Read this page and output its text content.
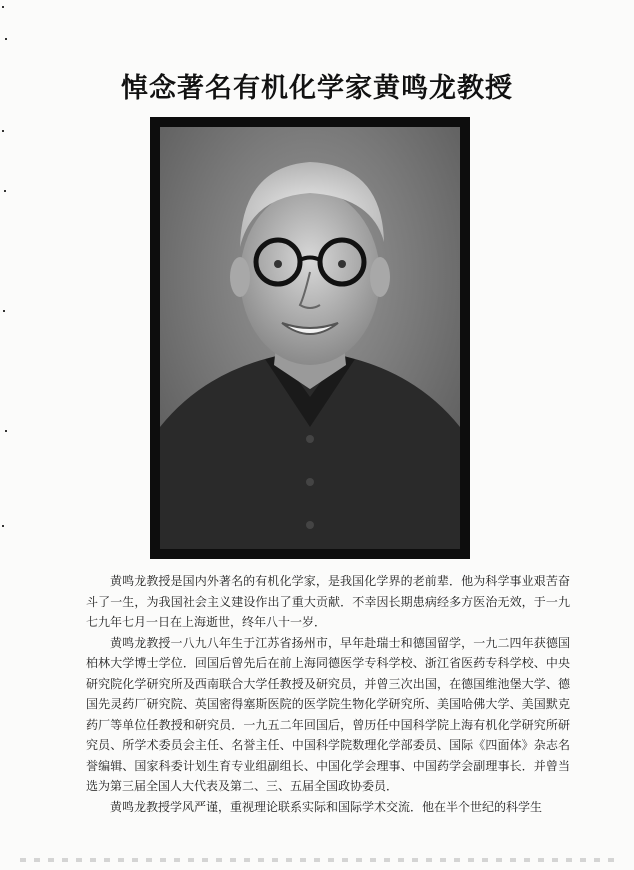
悼念著名有机化学家黄鸣龙教授

黄鸣龙教授是国内外著名的有机化学家，是我国化学界的老前辈．他为科学事业艰苦奋斗了一生，为我国社会主义建设作出了重大贡献．不幸因长期患病经多方医治无效，于一九七九年七月一日在上海逝世，终年八十一岁．

黄鸣龙教授一八九八年生于江苏省扬州市，早年赴瑞士和德国留学，一九二四年获德国柏林大学博士学位．回国后曾先后在前上海同德医学专科学校、浙江省医药专科学校、中央研究院化学研究所及西南联合大学任教授及研究员，并曾三次出国，在德国维池堡大学、德国先灵药厂研究院、英国密得塞斯医院的医学院生物化学研究所、美国哈佛大学、美国默克药厂等单位任教授和研究员．一九五二年回国后，曾历任中国科学院上海有机化学研究所研究员、所学术委员会主任、名誉主任、中国科学院数理化学部委员、国际《四面体》杂志名誉编辑、国家科委计划生育专业组副组长、中国化学会理事、中国药学会副理事长．并曾当选为第三届全国人大代表及第二、三、五届全国政协委员．

黄鸣龙教授学风严谨，重视理论联系实际和国际学术交流．他在半个世纪的科学生
